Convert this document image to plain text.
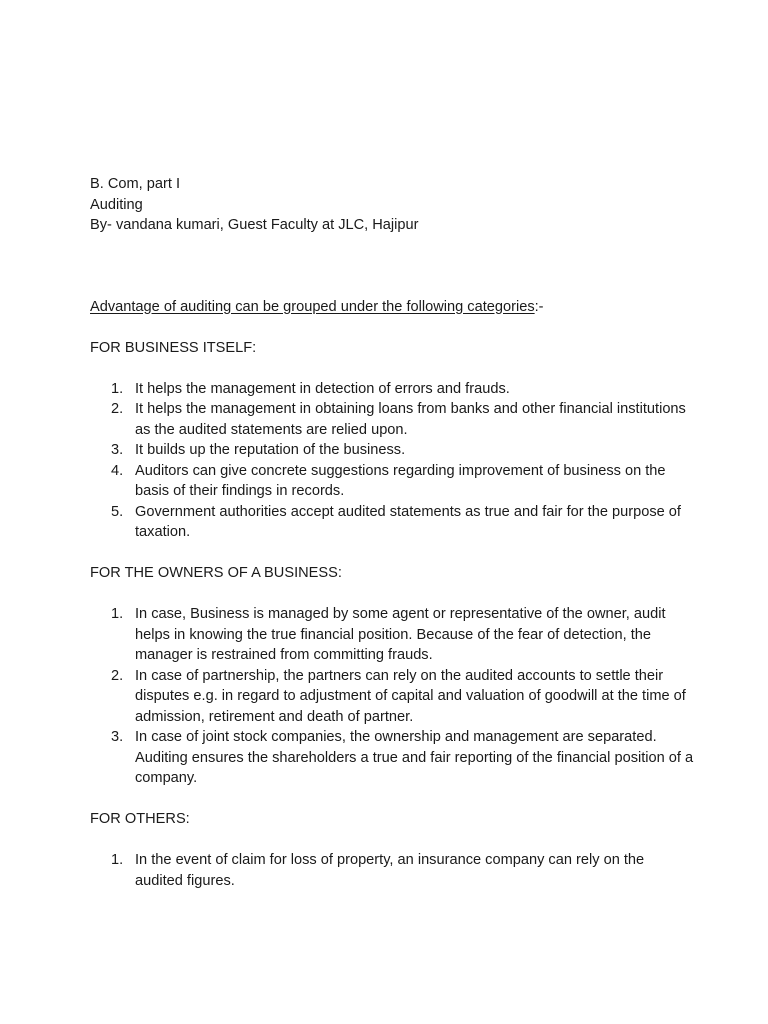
B. Com, part I

Auditing

By- vandana kumari, Guest Faculty at JLC, Hajipur

Advantage of auditing can be grouped under the following categories:-

FOR BUSINESS ITSELF:

1. It helps the management in detection of errors and frauds.
2. It helps the management in obtaining loans from banks and other financial institutions as the audited statements are relied upon.
3. It builds up the reputation of the business.
4. Auditors can give concrete suggestions regarding improvement of business on the basis of their findings in records.
5. Government authorities accept audited statements as true and fair for the purpose of taxation.

FOR THE OWNERS OF A BUSINESS:

1. In case, Business is managed by some agent or representative of the owner, audit helps in knowing the true financial position. Because of the fear of detection, the manager is restrained from committing frauds.
2. In case of partnership, the partners can rely on the audited accounts to settle their disputes e.g. in regard to adjustment of capital and valuation of goodwill at the time of admission, retirement and death of partner.
3. In case of joint stock companies, the ownership and management are separated. Auditing ensures the shareholders a true and fair reporting of the financial position of a company.

FOR OTHERS:

1. In the event of claim for loss of property, an insurance company can rely on the audited figures.
